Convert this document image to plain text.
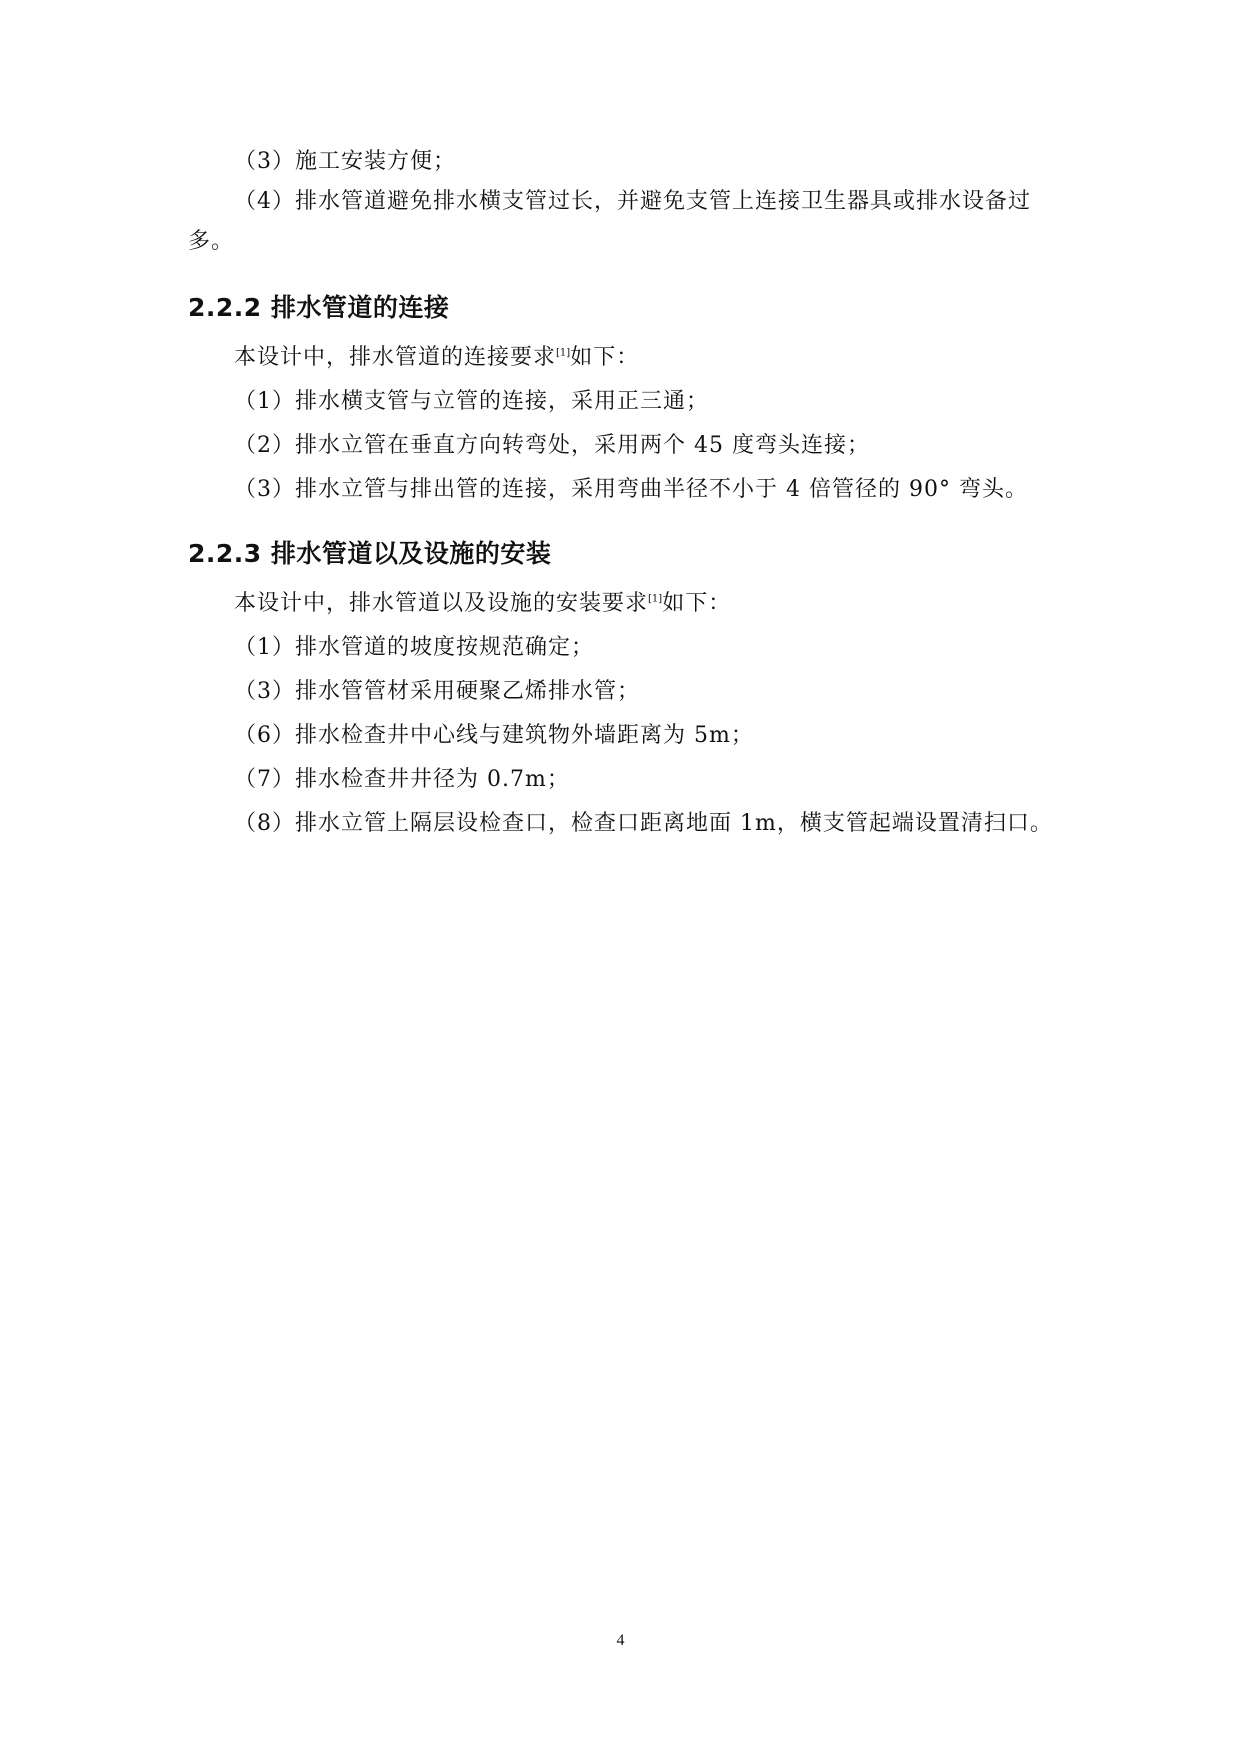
（3）施工安装方便；
（4）排水管道避免排水横支管过长，并避免支管上连接卫生器具或排水设备过多。
2.2.2 排水管道的连接
本设计中，排水管道的连接要求[1]如下：
（1）排水横支管与立管的连接，采用正三通；
（2）排水立管在垂直方向转弯处，采用两个 45 度弯头连接；
（3）排水立管与排出管的连接，采用弯曲半径不小于 4 倍管径的 90° 弯头。
2.2.3 排水管道以及设施的安装
本设计中，排水管道以及设施的安装要求[1]如下：
（1）排水管道的坡度按规范确定；
（3）排水管管材采用硬聚乙烯排水管；
（6）排水检查井中心线与建筑物外墙距离为 5m；
（7）排水检查井井径为 0.7m；
（8）排水立管上隔层设检查口，检查口距离地面 1m，横支管起端设置清扫口。
4
